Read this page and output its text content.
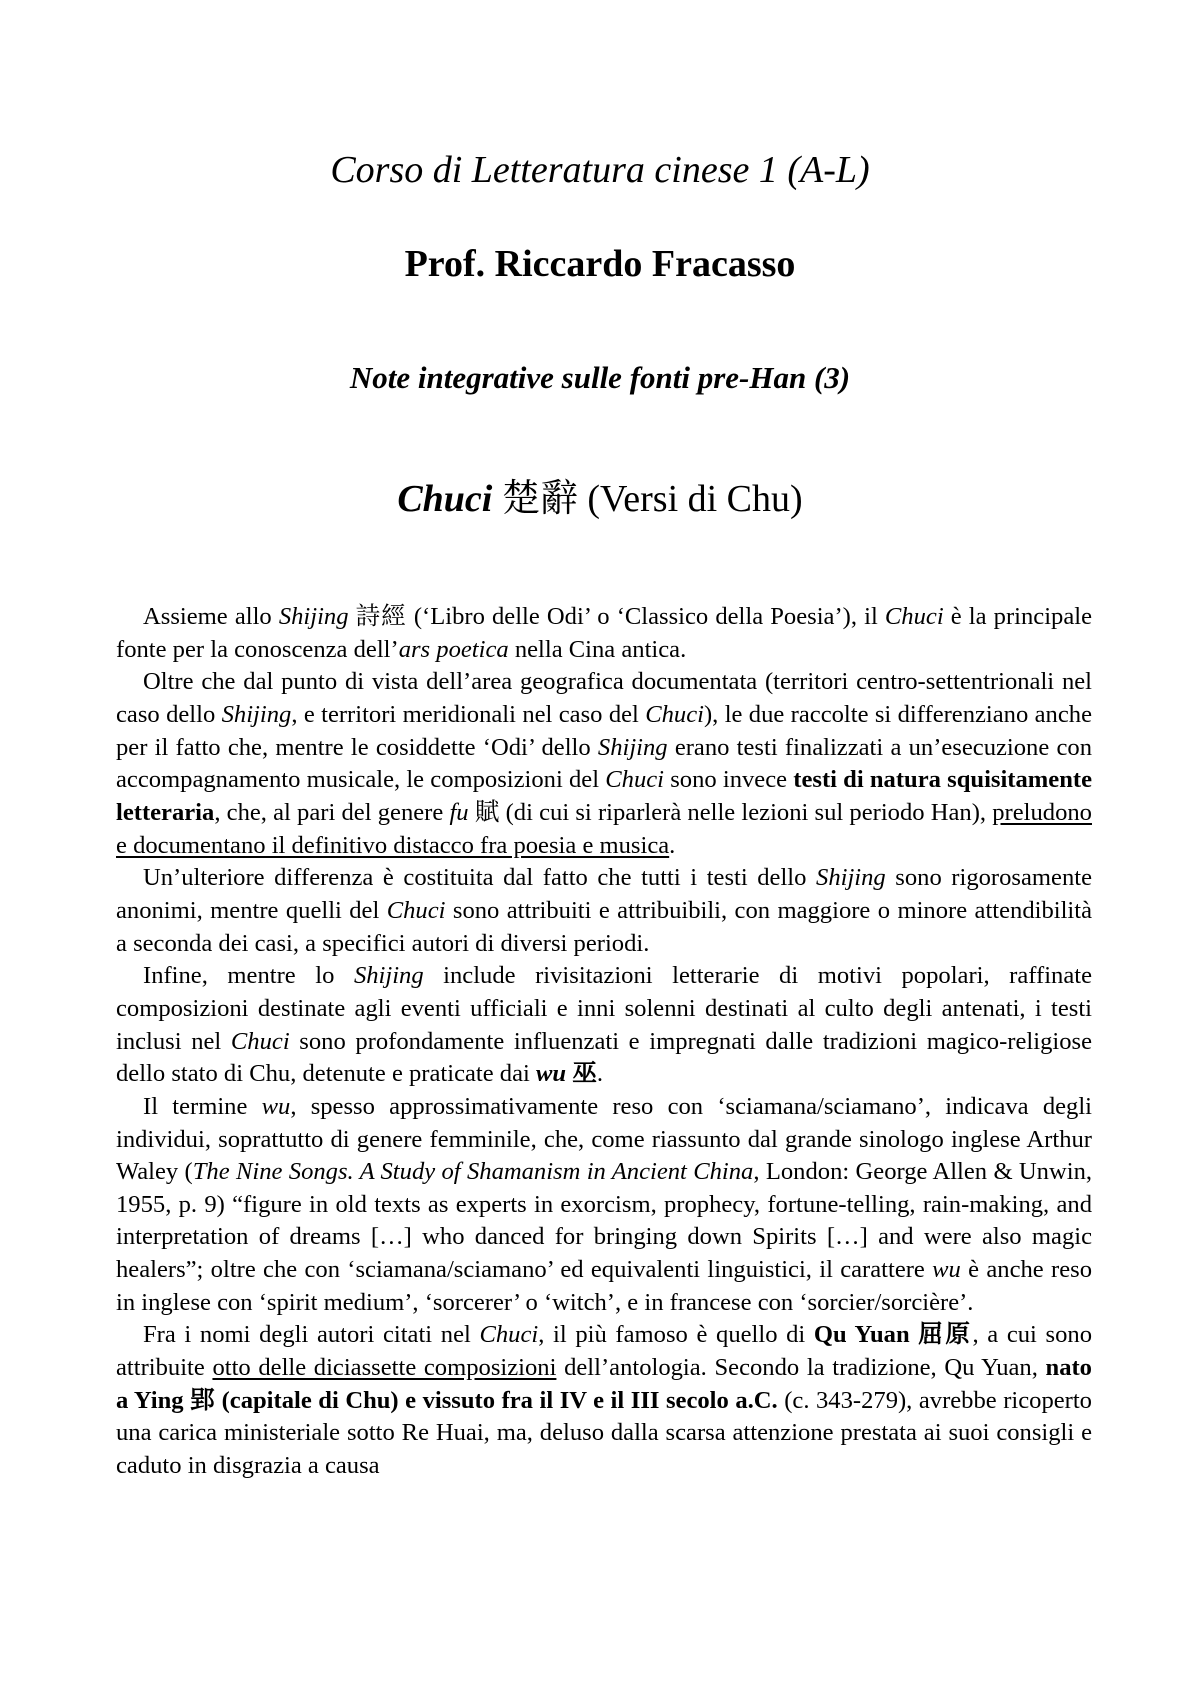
Corso di Letteratura cinese 1 (A-L)
Prof. Riccardo Fracasso
Note integrative sulle fonti pre-Han (3)
Chuci 楚辭 (Versi di Chu)

Assieme allo Shijing 詩經 (‘Libro delle Odi’ o ‘Classico della Poesia’), il Chuci è la principale fonte per la conoscenza dell’ars poetica nella Cina antica.

Oltre che dal punto di vista dell’area geografica documentata (territori centro-settentrionali nel caso dello Shijing, e territori meridionali nel caso del Chuci), le due raccolte si differenziano anche per il fatto che, mentre le cosiddette ‘Odi’ dello Shijing erano testi finalizzati a un’esecuzione con accompagnamento musicale, le composizioni del Chuci sono invece testi di natura squisitamente letteraria, che, al pari del genere fu 賦 (di cui si riparlerà nelle lezioni sul periodo Han), preludono e documentano il definitivo distacco fra poesia e musica.

Un’ulteriore differenza è costituita dal fatto che tutti i testi dello Shijing sono rigorosamente anonimi, mentre quelli del Chuci sono attribuiti e attribuibili, con maggiore o minore attendibilità a seconda dei casi, a specifici autori di diversi periodi.

Infine, mentre lo Shijing include rivisitazioni letterarie di motivi popolari, raffinate composizioni destinate agli eventi ufficiali e inni solenni destinati al culto degli antenati, i testi inclusi nel Chuci sono profondamente influenzati e impregnati dalle tradizioni magico-religiose dello stato di Chu, detenute e praticate dai wu 巫.

Il termine wu, spesso approssimativamente reso con ‘sciamana/sciamano’, indicava degli individui, soprattutto di genere femminile, che, come riassunto dal grande sinologo inglese Arthur Waley (The Nine Songs. A Study of Shamanism in Ancient China, London: George Allen & Unwin, 1955, p. 9) “figure in old texts as experts in exorcism, prophecy, fortune-telling, rain-making, and interpretation of dreams […] who danced for bringing down Spirits […] and were also magic healers”; oltre che con ‘sciamana/sciamano’ ed equivalenti linguistici, il carattere wu è anche reso in inglese con ‘spirit medium’, ‘sorcerer’ o ‘witch’, e in francese con ‘sorcier/sorcière’.

Fra i nomi degli autori citati nel Chuci, il più famoso è quello di Qu Yuan 屈原, a cui sono attribuite otto delle diciassette composizioni dell’antologia. Secondo la tradizione, Qu Yuan, nato a Ying 郢 (capitale di Chu) e vissuto fra il IV e il III secolo a.C. (c. 343-279), avrebbe ricoperto una carica ministeriale sotto Re Huai, ma, deluso dalla scarsa attenzione prestata ai suoi consigli e caduto in disgrazia a causa
